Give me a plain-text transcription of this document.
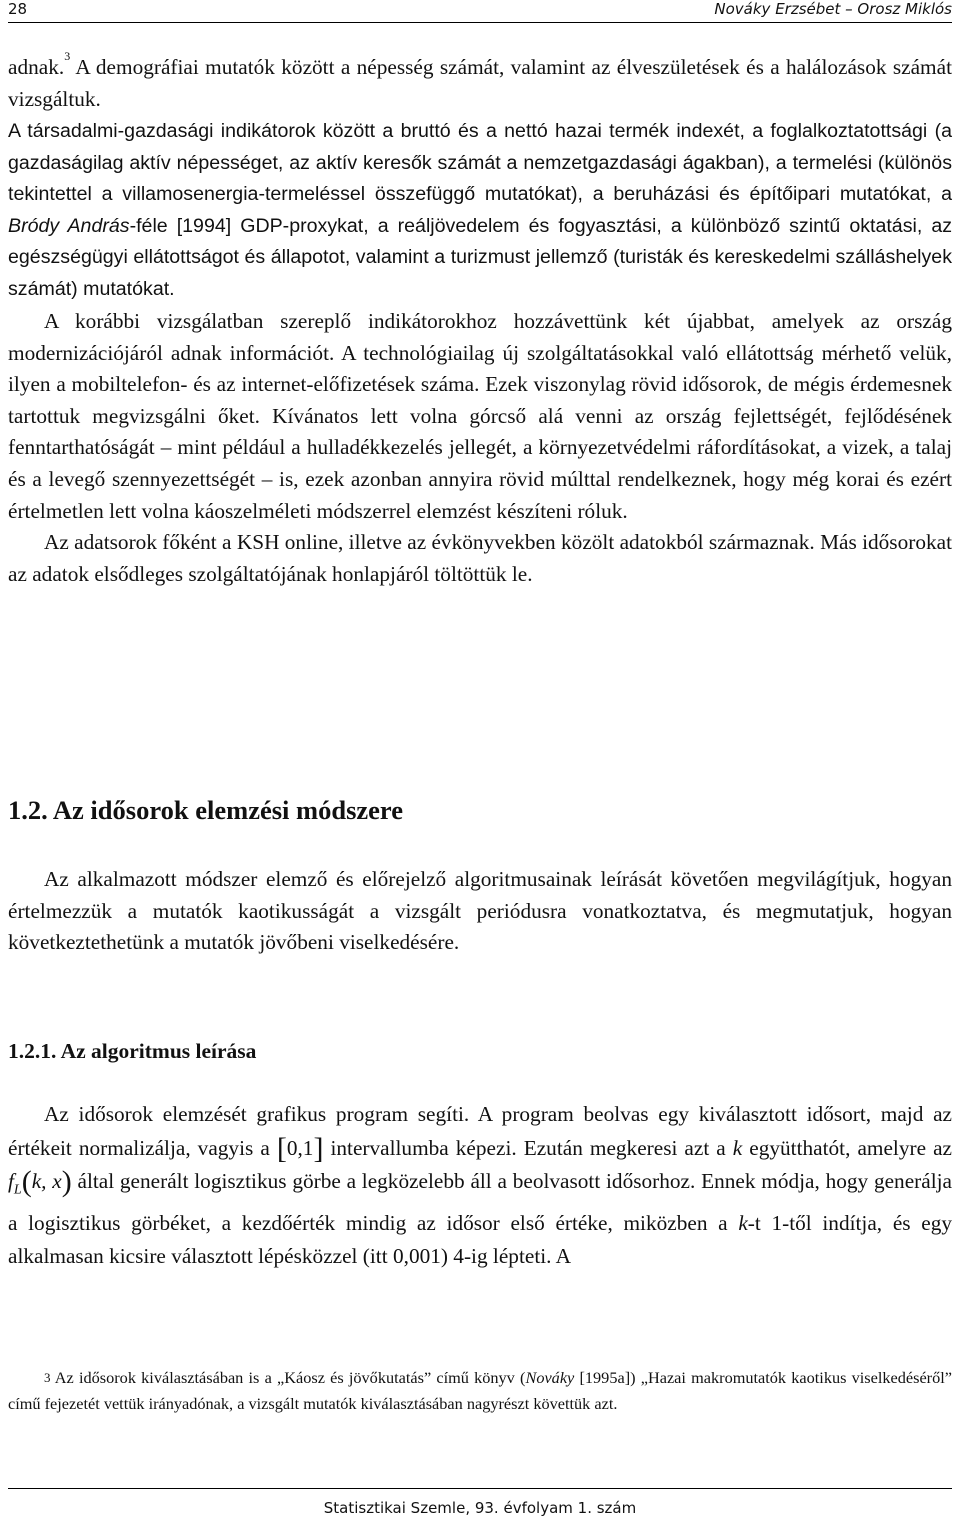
28	Nováky Erzsébet – Orosz Miklós

adnak.$^3$ A demográfiai mutatók között a népesség számát, valamint az élveszületések és a halálozások számát vizsgáltuk.

A társadalmi-gazdasági indikátorok között a bruttó és a nettó hazai termék indexét, a foglalkoztatottsági (a gazdaságilag aktív népességet, az aktív keresők számát a nemzetgazdasági ágakban), a termelési (különös tekintettel a villamosenergia-termeléssel összefüggő mutatókat), a beruházási és építőipari mutatókat, a Bródy András-féle [1994] GDP-proxykat, a reáljövedelem és fogyasztási, a különböző szintű oktatási, az egészségügyi ellátottságot és állapotot, valamint a turizmust jellemző (turisták és kereskedelmi szálláshelyek számát) mutatókat.

A korábbi vizsgálatban szereplő indikátorokhoz hozzávettünk két újabbat, amelyek az ország modernizációjáról adnak információt. A technológiailag új szolgáltatásokkal való ellátottság mérhető velük, ilyen a mobiltelefon- és az internet-előfizetések száma. Ezek viszonylag rövid idősorok, de mégis érdemesnek tartottuk megvizsgálni őket. Kívánatos lett volna górcső alá venni az ország fejlettségét, fejlődésének fenntarthatóságát – mint például a hulladékkezelés jellegét, a környezetvédelmi ráfordításokat, a vizek, a talaj és a levegő szennyezettségét – is, ezek azonban annyira rövid múlttal rendelkeznek, hogy még korai és ezért értelmetlen lett volna káoszelméleti módszerrel elemzést készíteni róluk.

Az adatsorok főként a KSH online, illetve az évkönyvekben közölt adatokból származnak. Más idősorokat az adatok elsődleges szolgáltatójának honlapjáról töltöttük le.

1.2. Az idősorok elemzési módszere

Az alkalmazott módszer elemző és előrejelző algoritmusainak leírását követően megvilágítjuk, hogyan értelmezzük a mutatók kaotikusságát a vizsgált periódusra vonatkoztatva, és megmutatjuk, hogyan következtethetünk a mutatók jövőbeni viselkedésére.

1.2.1. Az algoritmus leírása

Az idősorok elemzését grafikus program segíti. A program beolvas egy kiválasztott idősort, majd az értékeit normalizálja, vagyis a [0,1] intervallumba képezi. Ezután megkeresi azt a k együtthatót, amelyre az $f_L(k$, x) által generált logisztikus görbe a legközelebb áll a beolvasott idősorhoz. Ennek módja, hogy generálja a logisztikus görbéket, a kezdőérték mindig az idősor első értéke, miközben a k-t 1-től indítja, és egy alkalmasan kicsire választott lépésközzel (itt 0,001) 4-ig lépteti. A

$^3$ Az idősorok kiválasztásában is a „Káosz és jövőkutatás” című könyv (Nováky [1995a]) „Hazai makromutatók kaotikus viselkedéséről” című fejezetét vettük irányadónak, a vizsgált mutatók kiválasztásában nagyrészt követtük azt.

Statisztikai Szemle, 93. évfolyam 1. szám
